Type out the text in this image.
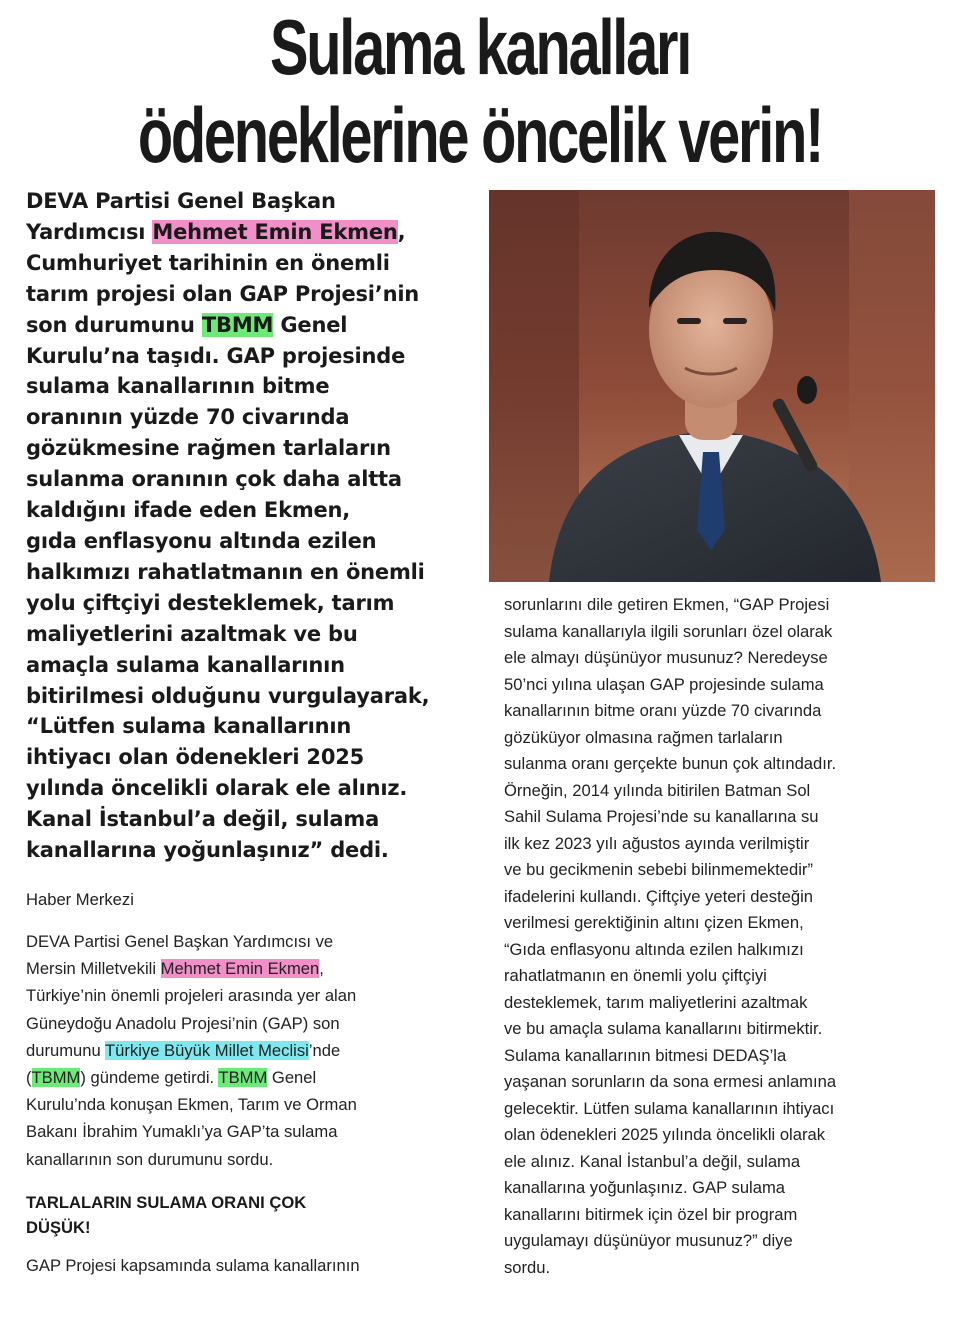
Sulama kanalları
ödeneklerine öncelik verin!
DEVA Partisi Genel Başkan
Yardımcısı Mehmet Emin Ekmen,
Cumhuriyet tarihinin en önemli
tarım projesi olan GAP Projesi’nin
son durumunu TBMM Genel
Kurulu’na taşıdı. GAP projesinde
sulama kanallarının bitme
oranının yüzde 70 civarında
gözükmesine rağmen tarlaların
sulanma oranının çok daha altta
kaldığını ifade eden Ekmen,
gıda enflasyonu altında ezilen
halkımızı rahatlatmanın en önemli
yolu çiftçiyi desteklemek, tarım
maliyetlerini azaltmak ve bu
amaçla sulama kanallarının
bitirilmesi olduğunu vurgulayarak,
“Lütfen sulama kanallarının
ihtiyacı olan ödenekleri 2025
yılında öncelikli olarak ele alınız.
Kanal İstanbul’a değil, sulama
kanallarına yoğunlaşınız” dedi.
Haber Merkezi
DEVA Partisi Genel Başkan Yardımcısı ve
Mersin Milletvekili Mehmet Emin Ekmen,
Türkiye’nin önemli projeleri arasında yer alan
Güneydoğu Anadolu Projesi’nin (GAP) son
durumunu Türkiye Büyük Millet Meclisi’nde
(TBMM) gündeme getirdi. TBMM Genel
Kurulu’nda konuşan Ekmen, Tarım ve Orman
Bakanı İbrahim Yumaklı’ya GAP’ta sulama
kanallarının son durumunu sordu.
TARLALARIN SULAMA ORANI ÇOK
DÜŞÜK!
GAP Projesi kapsamında sulama kanallarının
sorunlarını dile getiren Ekmen, “GAP Projesi
sulama kanallarıyla ilgili sorunları özel olarak
ele almayı düşünüyor musunuz? Neredeyse
50’nci yılına ulaşan GAP projesinde sulama
kanallarının bitme oranı yüzde 70 civarında
gözüküyor olmasına rağmen tarlaların
sulanma oranı gerçekte bunun çok altındadır.
Örneğin, 2014 yılında bitirilen Batman Sol
Sahil Sulama Projesi’nde su kanallarına su
ilk kez 2023 yılı ağustos ayında verilmiştir
ve bu gecikmenin sebebi bilinmemektedir”
ifadelerini kullandı. Çiftçiye yeteri desteğin
verilmesi gerektiğinin altını çizen Ekmen,
“Gıda enflasyonu altında ezilen halkımızı
rahatlatmanın en önemli yolu çiftçiyi
desteklemek, tarım maliyetlerini azaltmak
ve bu amaçla sulama kanallarını bitirmektir.
Sulama kanallarının bitmesi DEDAŞ’la
yaşanan sorunların da sona ermesi anlamına
gelecektir. Lütfen sulama kanallarının ihtiyacı
olan ödenekleri 2025 yılında öncelikli olarak
ele alınız. Kanal İstanbul’a değil, sulama
kanallarına yoğunlaşınız. GAP sulama
kanallarını bitirmek için özel bir program
uygulamayı düşünüyor musunuz?” diye
sordu.
